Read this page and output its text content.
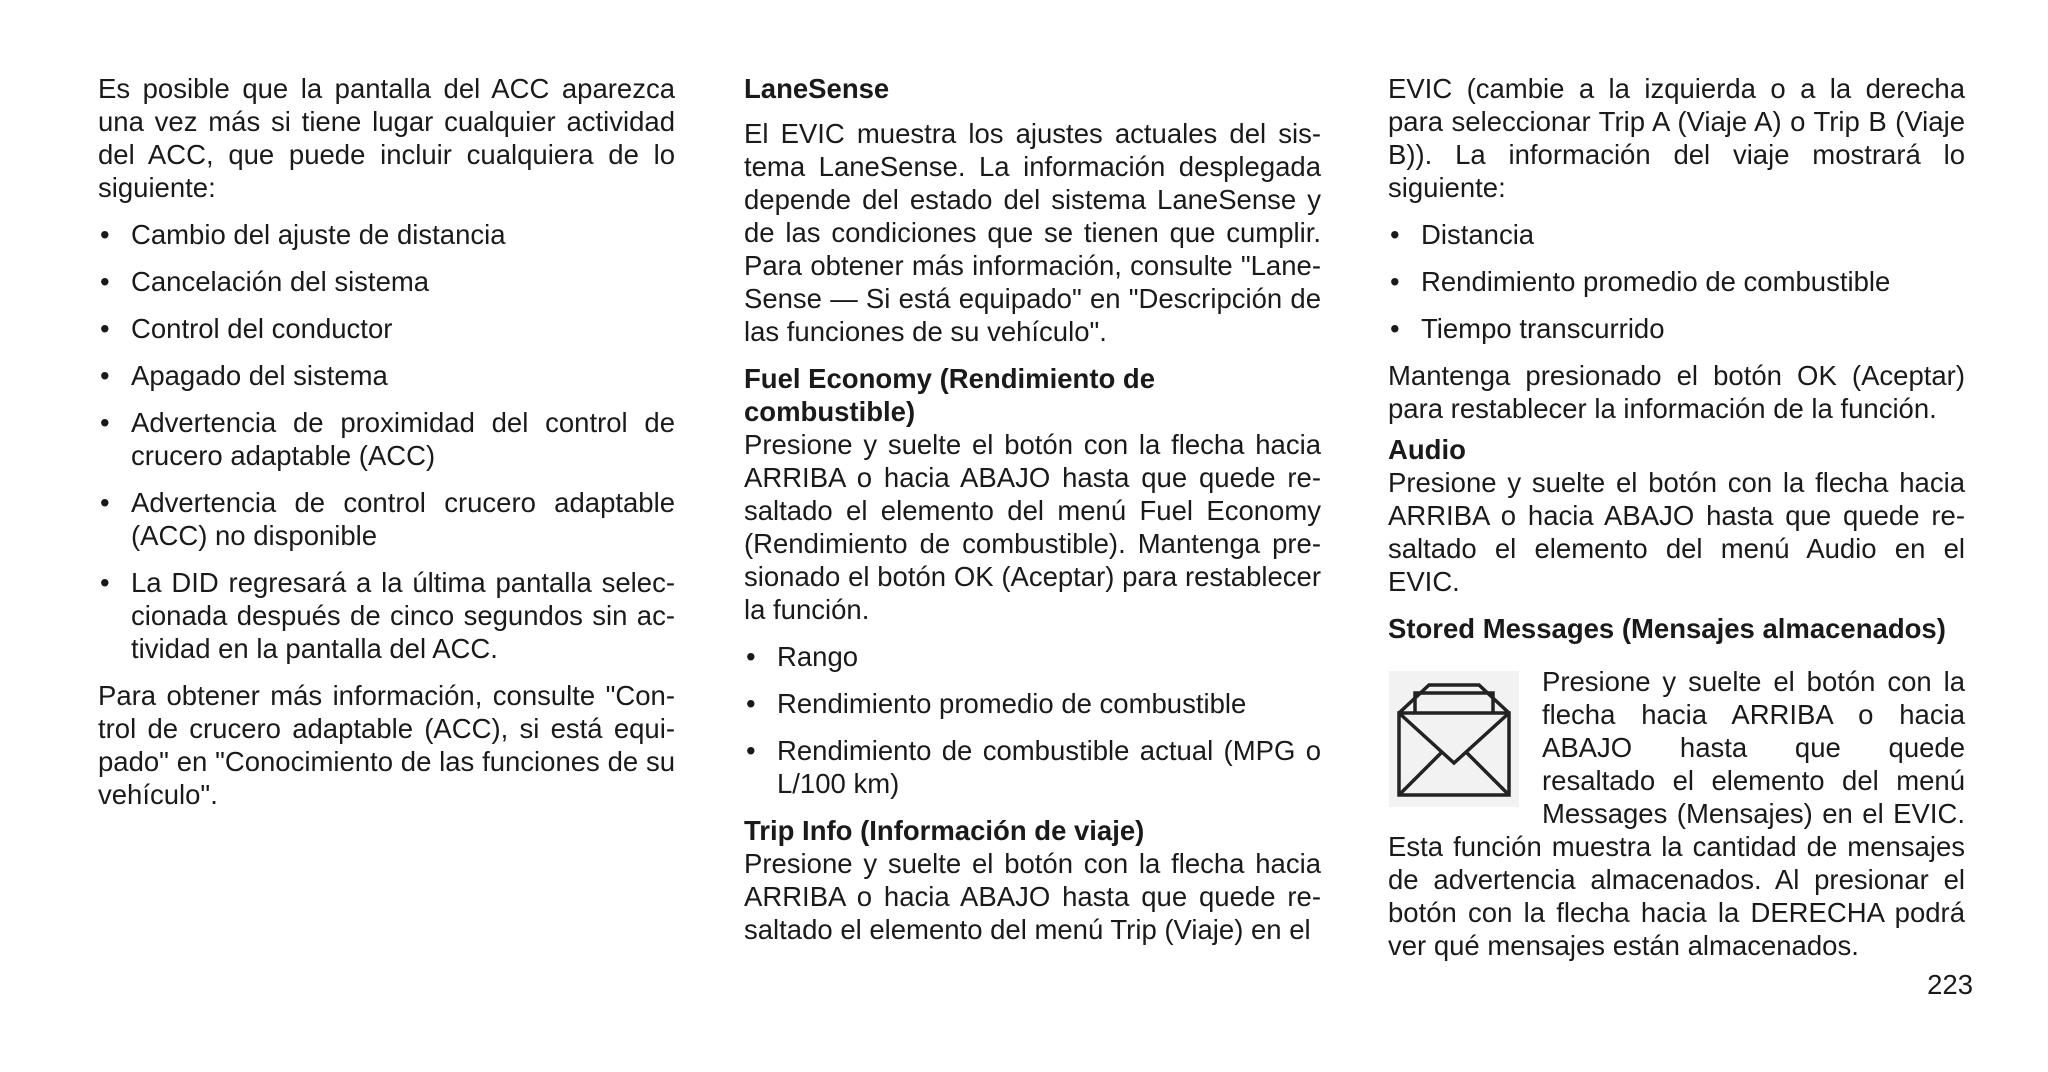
Es posible que la pantalla del ACC aparezca una vez más si tiene lugar cualquier actividad del ACC, que puede incluir cualquiera de lo siguiente:

• Cambio del ajuste de distancia
• Cancelación del sistema
• Control del conductor
• Apagado del sistema
• Advertencia de proximidad del control de crucero adaptable (ACC)
• Advertencia de control crucero adaptable (ACC) no disponible
• La DID regresará a la última pantalla seleccionada después de cinco segundos sin actividad en la pantalla del ACC.

Para obtener más información, consulte "Control de crucero adaptable (ACC), si está equipado" en "Conocimiento de las funciones de su vehículo".

LaneSense

El EVIC muestra los ajustes actuales del sistema LaneSense. La información desplegada depende del estado del sistema LaneSense y de las condiciones que se tienen que cumplir. Para obtener más información, consulte "LaneSense — Si está equipado" en "Descripción de las funciones de su vehículo".

Fuel Economy (Rendimiento de combustible)

Presione y suelte el botón con la flecha hacia ARRIBA o hacia ABAJO hasta que quede resaltado el elemento del menú Fuel Economy (Rendimiento de combustible). Mantenga presionado el botón OK (Aceptar) para restablecer la función.

• Rango
• Rendimiento promedio de combustible
• Rendimiento de combustible actual (MPG o L/100 km)
Trip Info (Información de viaje)

Presione y suelte el botón con la flecha hacia ARRIBA o hacia ABAJO hasta que quede resaltado el elemento del menú Trip (Viaje) en el

EVIC (cambie a la izquierda o a la derecha para seleccionar Trip A (Viaje A) o Trip B (Viaje B)). La información del viaje mostrará lo siguiente:

• Distancia
• Rendimiento promedio de combustible
• Tiempo transcurrido

Mantenga presionado el botón OK (Aceptar) para restablecer la información de la función.

Audio

Presione y suelte el botón con la flecha hacia ARRIBA o hacia ABAJO hasta que quede resaltado el elemento del menú Audio en el EVIC.

Stored Messages (Mensajes almacenados)

Presione y suelte el botón con la flecha hacia ARRIBA o hacia ABAJO hasta que quede resaltado el elemento del menú Messages (Mensajes) en el EVIC. Esta función muestra la cantidad de mensajes de advertencia almacenados. Al presionar el botón con la flecha hacia la DERECHA podrá ver qué mensajes están almacenados.

223
